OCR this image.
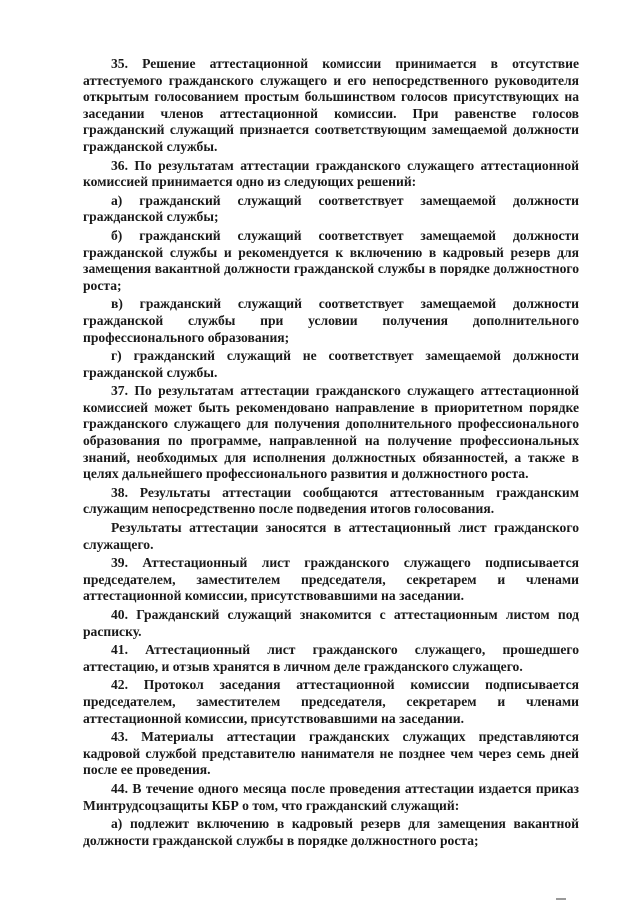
35. Решение аттестационной комиссии принимается в отсутствие аттестуемого гражданского служащего и его непосредственного руководителя открытым голосованием простым большинством голосов присутствующих на заседании членов аттестационной комиссии. При равенстве голосов гражданский служащий признается соответствующим замещаемой должности гражданской службы.

36. По результатам аттестации гражданского служащего аттестационной комиссией принимается одно из следующих решений:

а) гражданский служащий соответствует замещаемой должности гражданской службы;

б) гражданский служащий соответствует замещаемой должности гражданской службы и рекомендуется к включению в кадровый резерв для замещения вакантной должности гражданской службы в порядке должностного роста;

в) гражданский служащий соответствует замещаемой должности гражданской службы при условии получения дополнительного профессионального образования;

г) гражданский служащий не соответствует замещаемой должности гражданской службы.

37. По результатам аттестации гражданского служащего аттестационной комиссией может быть рекомендовано направление в приоритетном порядке гражданского служащего для получения дополнительного профессионального образования по программе, направленной на получение профессиональных знаний, необходимых для исполнения должностных обязанностей, а также в целях дальнейшего профессионального развития и должностного роста.

38. Результаты аттестации сообщаются аттестованным гражданским служащим непосредственно после подведения итогов голосования.

Результаты аттестации заносятся в аттестационный лист гражданского служащего.

39. Аттестационный лист гражданского служащего подписывается председателем, заместителем председателя, секретарем и членами аттестационной комиссии, присутствовавшими на заседании.

40. Гражданский служащий знакомится с аттестационным листом под расписку.

41. Аттестационный лист гражданского служащего, прошедшего аттестацию, и отзыв хранятся в личном деле гражданского служащего.

42. Протокол заседания аттестационной комиссии подписывается председателем, заместителем председателя, секретарем и членами аттестационной комиссии, присутствовавшими на заседании.

43. Материалы аттестации гражданских служащих представляются кадровой службой представителю нанимателя не позднее чем через семь дней после ее проведения.

44. В течение одного месяца после проведения аттестации издается приказ Минтрудсоцзащиты КБР о том, что гражданский служащий:

а) подлежит включению в кадровый резерв для замещения вакантной должности гражданской службы в порядке должностного роста;
